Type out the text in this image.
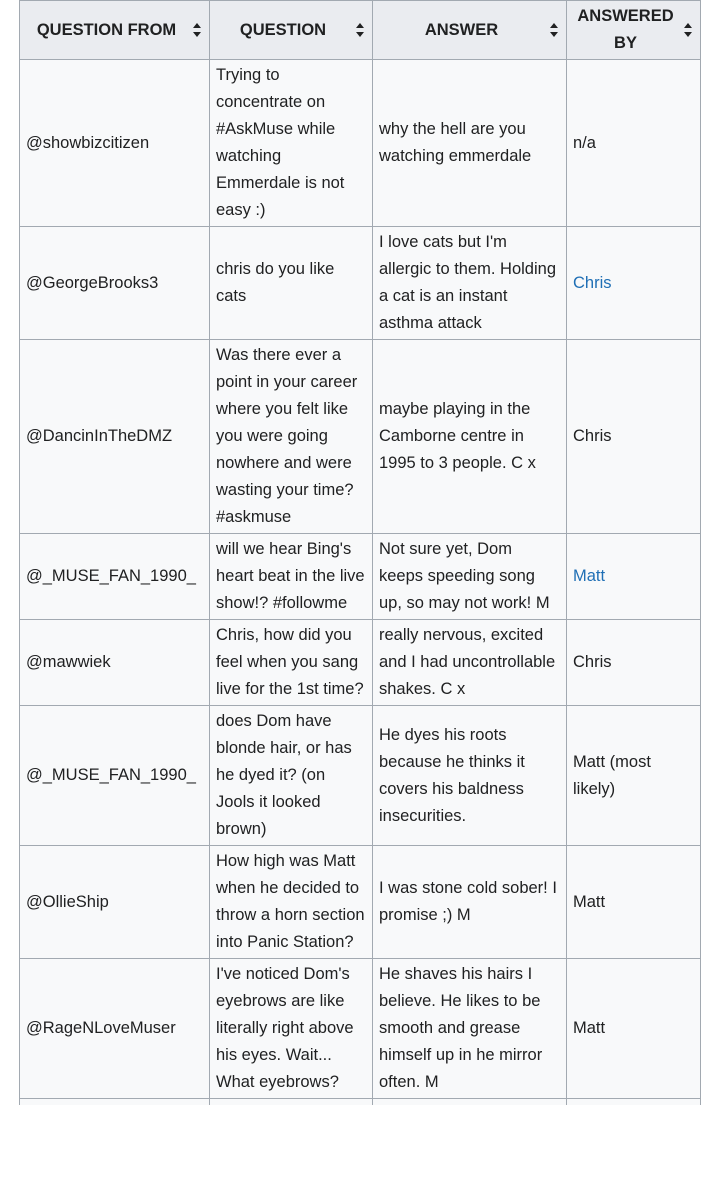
QUESTION FROM	QUESTION	ANSWER	ANSWERED BY

@showbizcitizen	Trying to concentrate on #AskMuse while watching Emmerdale is not easy :)	why the hell are you watching emmerdale	n/a
@GeorgeBrooks3	chris do you like cats	I love cats but I'm allergic to them. Holding a cat is an instant asthma attack	Chris
@DancinInTheDMZ	Was there ever a point in your career where you felt like you were going nowhere and were wasting your time? #askmuse	maybe playing in the Camborne centre in 1995 to 3 people. C x	Chris
@_MUSE_FAN_1990_	will we hear Bing's heart beat in the live show!? #followme	Not sure yet, Dom keeps speeding song up, so may not work! M	Matt
@mawwiek	Chris, how did you feel when you sang live for the 1st time?	really nervous, excited and I had uncontrollable shakes. C x	Chris
@_MUSE_FAN_1990_	does Dom have blonde hair, or has he dyed it? (on Jools it looked brown)	He dyes his roots because he thinks it covers his baldness insecurities.	Matt (most likely)
@OllieShip	How high was Matt when he decided to throw a horn section into Panic Station?	I was stone cold sober! I promise ;) M	Matt
@RageNLoveMuser	I've noticed Dom's eyebrows are like literally right above his eyes. Wait... What eyebrows?	He shaves his hairs I believe. He likes to be smooth and grease himself up in he mirror often. M	Matt
